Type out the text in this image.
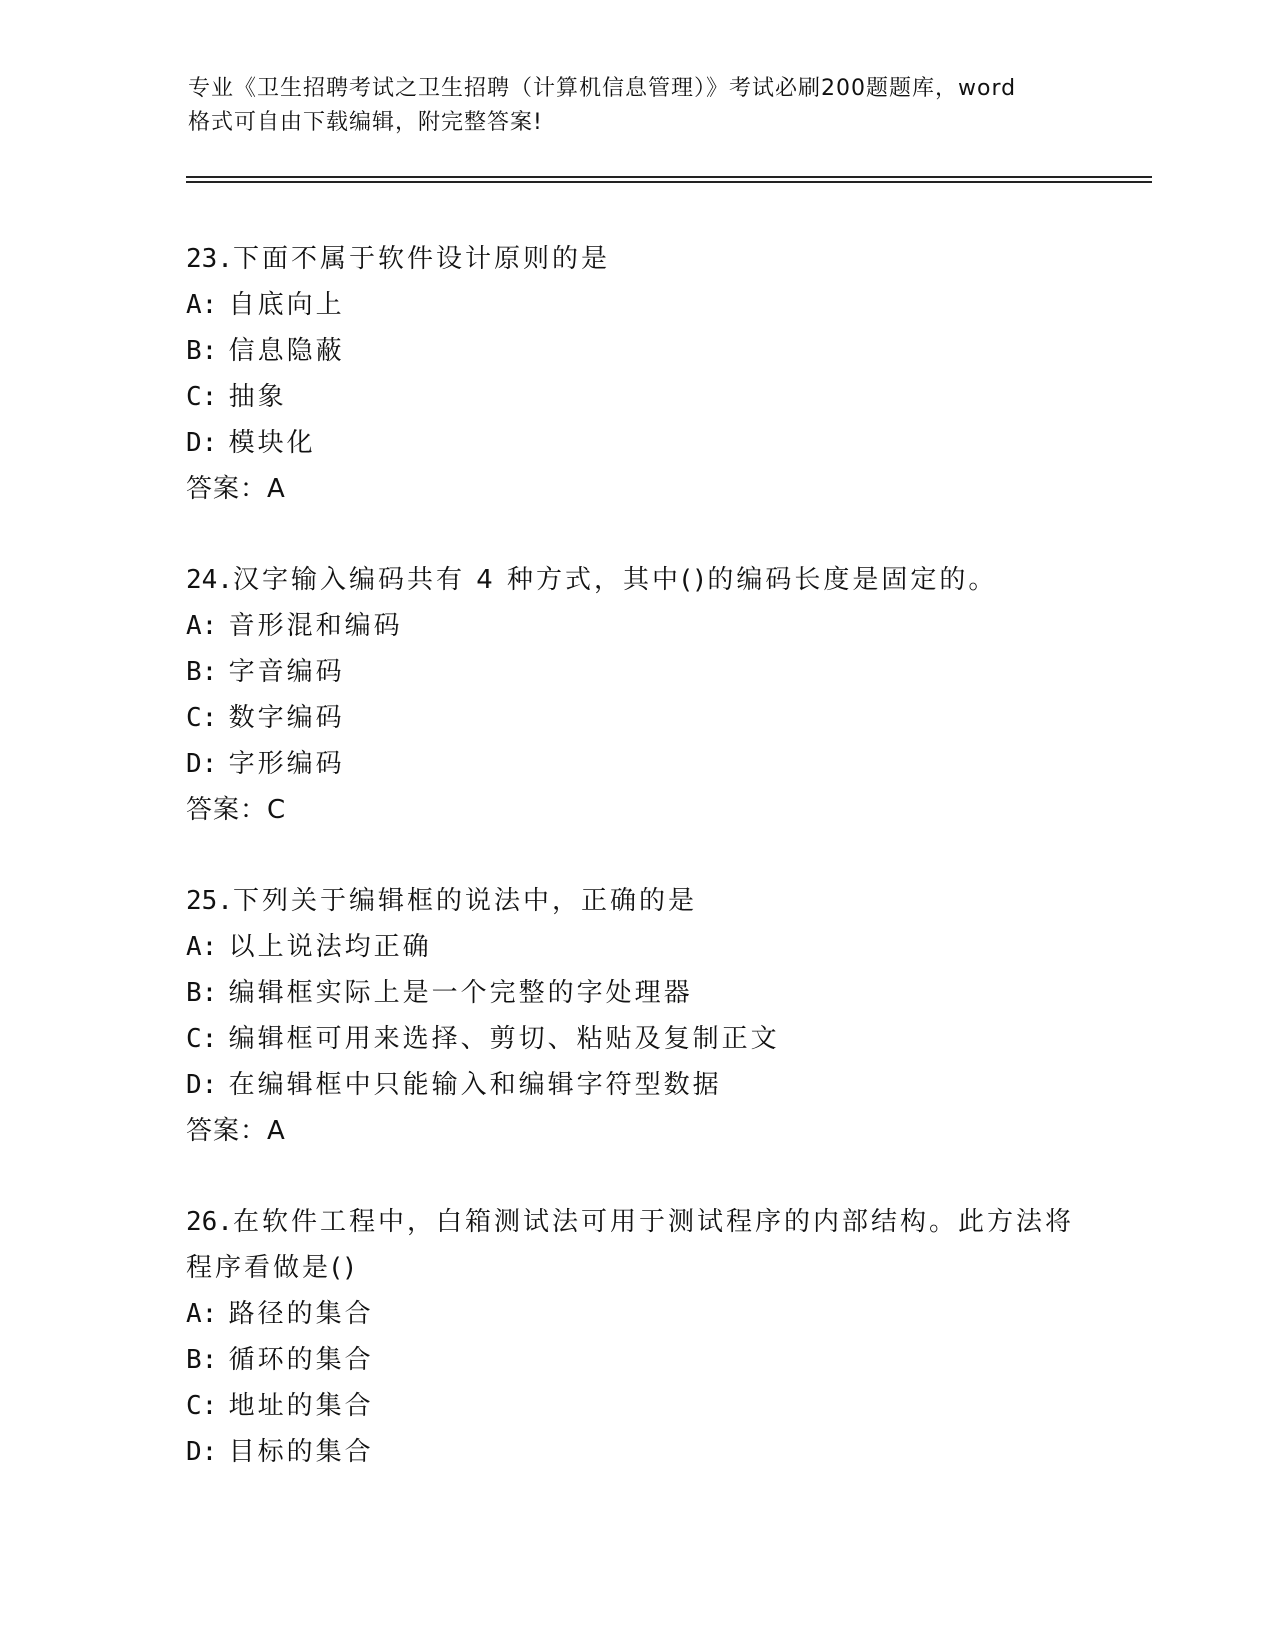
专业《卫生招聘考试之卫生招聘（计算机信息管理）》考试必刷200题题库，word
格式可自由下载编辑，附完整答案!
23.下面不属于软件设计原则的是
A: 自底向上
B: 信息隐蔽
C: 抽象
D: 模块化
答案：A
24.汉字输入编码共有 4 种方式，其中()的编码长度是固定的。
A: 音形混和编码
B: 字音编码
C: 数字编码
D: 字形编码
答案：C
25.下列关于编辑框的说法中，正确的是
A: 以上说法均正确
B: 编辑框实际上是一个完整的字处理器
C: 编辑框可用来选择、剪切、粘贴及复制正文
D: 在编辑框中只能输入和编辑字符型数据
答案：A
26.在软件工程中，白箱测试法可用于测试程序的内部结构。此方法将
程序看做是()
A: 路径的集合
B: 循环的集合
C: 地址的集合
D: 目标的集合
